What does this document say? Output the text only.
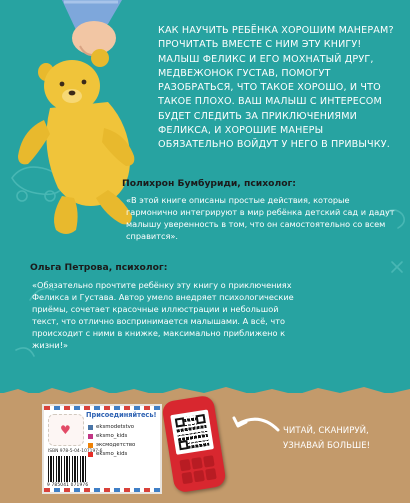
КАК НАУЧИТЬ РЕБЁНКА ХОРОШИМ МАНЕРАМ? ПРОЧИТАТЬ ВМЕСТЕ С НИМ ЭТУ КНИГУ! МАЛЫШ ФЕЛИКС И ЕГО МОХНАТЫЙ ДРУГ, МЕДВЕЖОНОК ГУСТАВ, ПОМОГУТ РАЗОБРАТЬСЯ, ЧТО ТАКОЕ ХОРОШО, И ЧТО ТАКОЕ ПЛОХО. ВАШ МАЛЫШ С ИНТЕРЕСОМ БУДЕТ СЛЕДИТЬ ЗА ПРИКЛЮЧЕНИЯМИ ФЕЛИКСА, И ХОРОШИЕ МАНЕРЫ ОБЯЗАТЕЛЬНО ВОЙДУТ У НЕГО В ПРИВЫЧКУ.

Полихрон Бумбуриди, психолог:

«В этой книге описаны простые действия, которые гармонично интегрируют в мир ребёнка детский сад и дадут малышу уверенность в том, что он самостоятельно со всем справится».

Ольга Петрова, психолог:

«Обязательно прочтите ребёнку эту книгу о приключениях Феликса и Густава. Автор умело внедряет психологические приёмы, сочетает красочные иллюстрации и небольшой текст, что отлично воспринимается малышами. А всё, что происходит с ними в книжке, максимально приближено к жизни!»

♥
Присоединяйтесь!
eksmodetstvo
eksmo_kids
эксмодетство
eksmo_kids
ISBN 978-5-04-107197-6
9 785041 071976

ЧИТАЙ, СКАНИРУЙ, УЗНАВАЙ БОЛЬШЕ!
